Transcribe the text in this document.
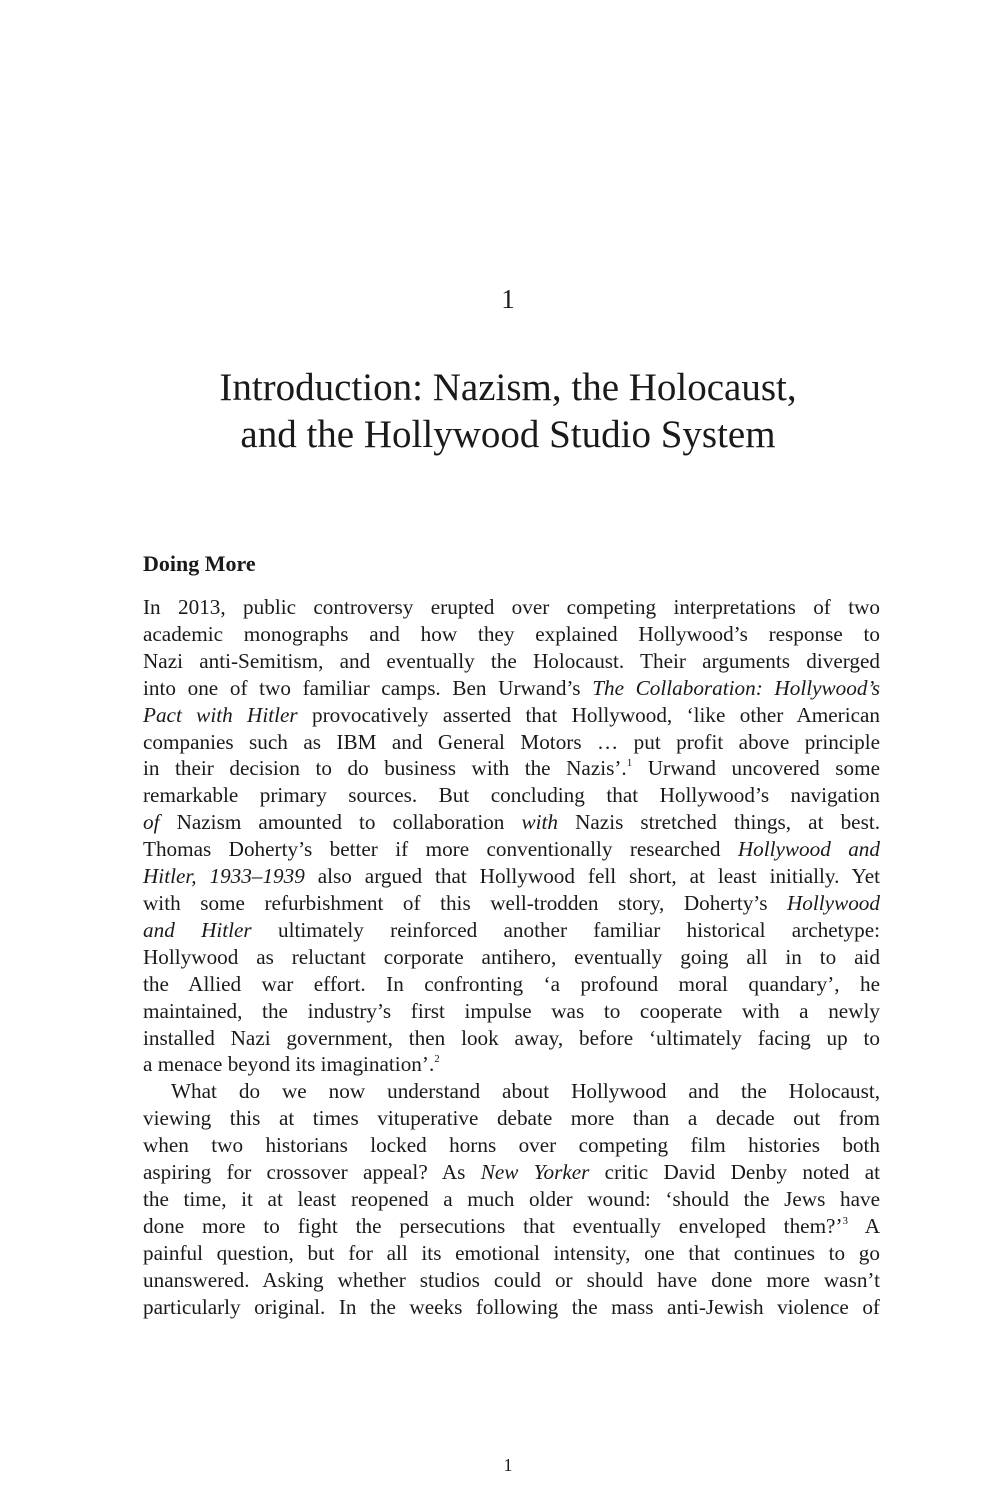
1
Introduction: Nazism, the Holocaust,
and the Hollywood Studio System
Doing More

In 2013, public controversy erupted over competing interpretations of two

academic monographs and how they explained Hollywood’s response to

Nazi anti-Semitism, and eventually the Holocaust. Their arguments diverged

into one of two familiar camps. Ben Urwand’s The Collaboration: Hollywood’s

Pact with Hitler provocatively asserted that Hollywood, ‘like other American

companies such as IBM and General Motors … put profit above principle

in their decision to do business with the Nazis’.$^1$ Urwand uncovered some

remarkable primary sources. But concluding that Hollywood’s navigation

of Nazism amounted to collaboration with Nazis stretched things, at best.

Thomas Doherty’s better if more conventionally researched Hollywood and

Hitler, 1933–1939 also argued that Hollywood fell short, at least initially. Yet

with some refurbishment of this well-trodden story, Doherty’s Hollywood

and Hitler ultimately reinforced another familiar historical archetype:

Hollywood as reluctant corporate antihero, eventually going all in to aid

the Allied war effort. In confronting ‘a profound moral quandary’, he

maintained, the industry’s first impulse was to cooperate with a newly

installed Nazi government, then look away, before ‘ultimately facing up to

a menace beyond its imagination’.$^2$

What do we now understand about Hollywood and the Holocaust,

viewing this at times vituperative debate more than a decade out from

when two historians locked horns over competing film histories both

aspiring for crossover appeal? As New Yorker critic David Denby noted at

the time, it at least reopened a much older wound: ‘should the Jews have

done more to fight the persecutions that eventually enveloped them?’$^3$ A

painful question, but for all its emotional intensity, one that continues to go

unanswered. Asking whether studios could or should have done more wasn’t

particularly original. In the weeks following the mass anti-Jewish violence of

1
